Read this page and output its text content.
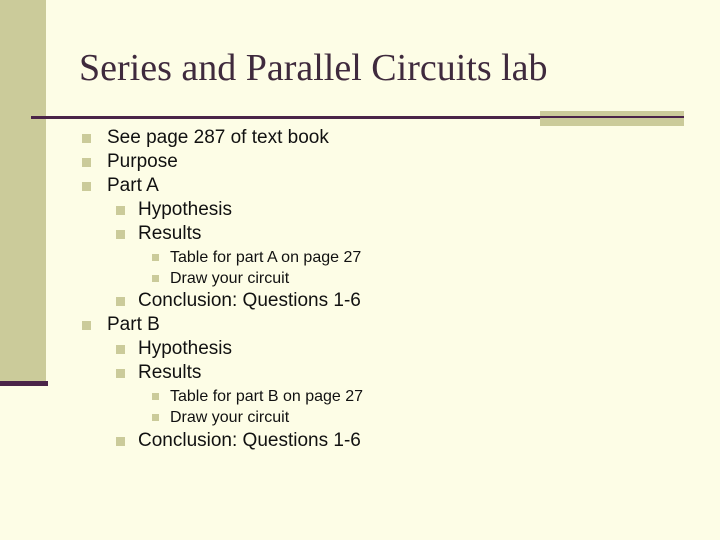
Series and Parallel Circuits lab
See page 287 of text book
Purpose
Part A
Hypothesis
Results
Table for part A on page 27
Draw your circuit
Conclusion: Questions 1-6
Part B
Hypothesis
Results
Table for part B on page 27
Draw your circuit
Conclusion: Questions 1-6
